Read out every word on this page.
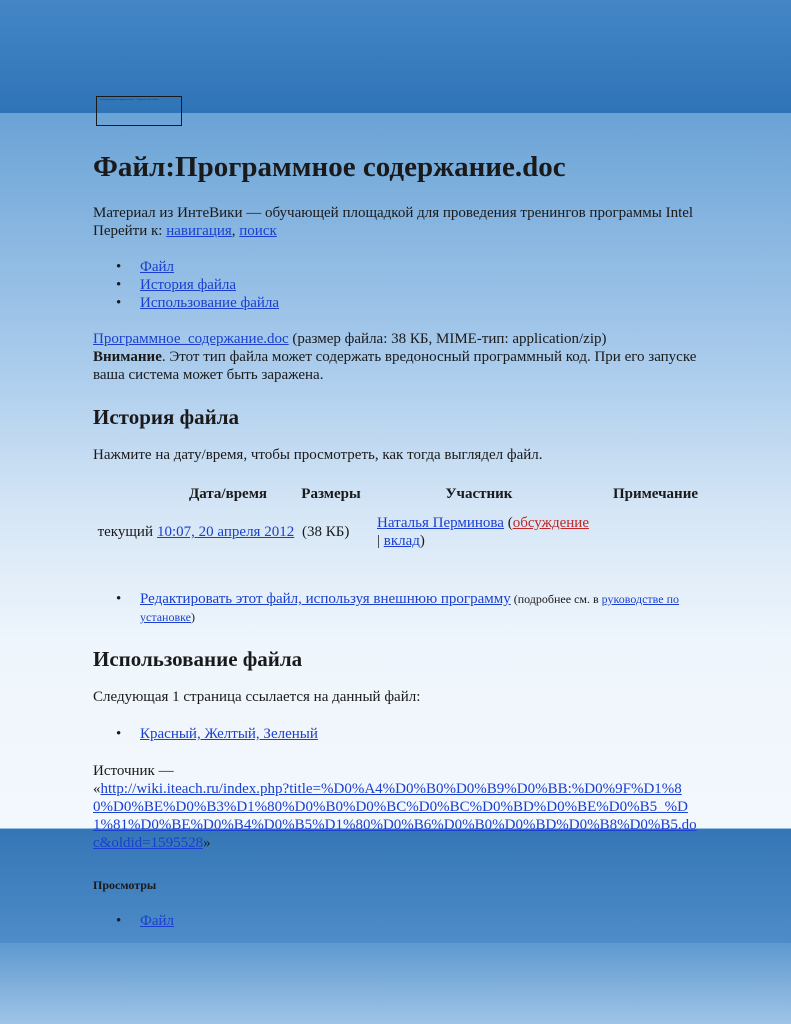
Файл:Программное содержание.doc — Материал из ИнтеВики
Файл:Программное содержание.doc

Материал из ИнтеВики — обучающей площадкой для проведения тренингов программы Intel

Перейти к: навигация, поиск

• Файл
• История файла
• Использование файла

Программное_содержание.doc (размер файла: 38 КБ, MIME-тип: application/zip)

Внимание. Этот тип файла может содержать вредоносный программный код. При его запуске ваша система может быть заражена.

История файла

Нажмите на дату/время, чтобы просмотреть, как тогда выглядел файл.

	Дата/время	Размеры	Участник	Примечание
текущий	10:07, 20 апреля 2012	(38 КБ)	Наталья Перминова (обсуждение | вклад)	
• Редактировать этот файл, используя внешнюю программу (подробнее см. в руководстве по установке)
Использование файла

Следующая 1 страница ссылается на данный файл:

• Красный, Желтый, Зеленый

Источник —

«http://wiki.iteach.ru/index.php?title=%D0%A4%D0%B0%D0%B9%D0%BB:%D0%9F%D1%80%D0%BE%D0%B3%D1%80%D0%B0%D0%BC%D0%BC%D0%BD%D0%BE%D0%B5_%D1%81%D0%BE%D0%B4%D0%B5%D1%80%D0%B6%D0%B0%D0%BD%D0%B8%D0%B5.doc&oldid=1595528»

Просмотры

• Файл
